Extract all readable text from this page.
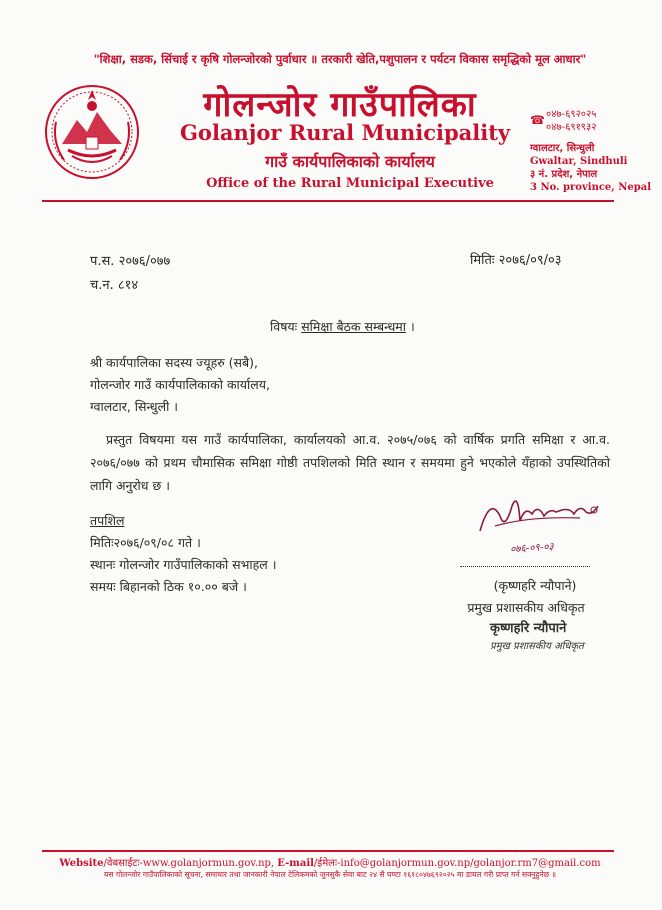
"शिक्षा, सडक, सिंचाई र कृषि गोलन्जोरको पुर्वाधार ॥ तरकारी खेति,पशुपालन र पर्यटन विकास समृद्धिको मूल आधार"
गोलन्जोर गाउँपालिका
Golanjor Rural Municipality
गाउँ कार्यपालिकाको कार्यालय
Office of the Rural Municipal Executive
☎ ०४७-६९२०२५
०४७-६९१९३२
ग्वालटार, सिन्धुली
Gwaltar, Sindhuli
३ नं. प्रदेश, नेपाल
3 No. province, Nepal
प.स. २०७६/०७७
च.न. ८१४
मितिः २०७६/०९/०३
विषयः समिक्षा बैठक सम्बन्धमा ।
श्री कार्यपालिका सदस्य ज्यूहरु (सबै),
गोलन्जोर गाउँ कार्यपालिकाको कार्यालय,
ग्वालटार, सिन्धुली ।
प्रस्तुत विषयमा यस गाउँ कार्यपालिका, कार्यालयको आ.व. २०७५/०७६ को वार्षिक प्रगति समिक्षा र आ.व. २०७६/०७७ को प्रथम चौमासिक समिक्षा गोष्ठी तपशिलको मिति स्थान र समयमा हुने भएकोले यँहाको उपस्थितिको लागि अनुरोध छ ।
तपशिल
मितिः२०७६/०९/०८ गते ।
स्थानः गोलन्जोर गाउँपालिकाको सभाहल ।
समयः बिहानको ठिक १०.०० बजे ।
०७६-०९-०३
(कृष्णहरि न्यौपाने)
प्रमुख प्रशासकीय अधिकृत
कृष्णहरि न्यौपाने
प्रमुख प्रशासकीय अधिकृत
Website/वेबसाईटः-www.golanjormun.gov.np, E-mail/ईमेलः-info@golanjormun.gov.np/golanjor.rm7@gmail.com
यस गोलन्जोर गाउँपालिकाको सूचना, समाचार तथा जानकारी नेपाल टेलिकमको जुनसुकै सेवा बाट २४ सै घण्टा १६१८०४७६९२०२५ मा डायल गरी प्राप्त गर्न सक्नुहुनेछ ॥
